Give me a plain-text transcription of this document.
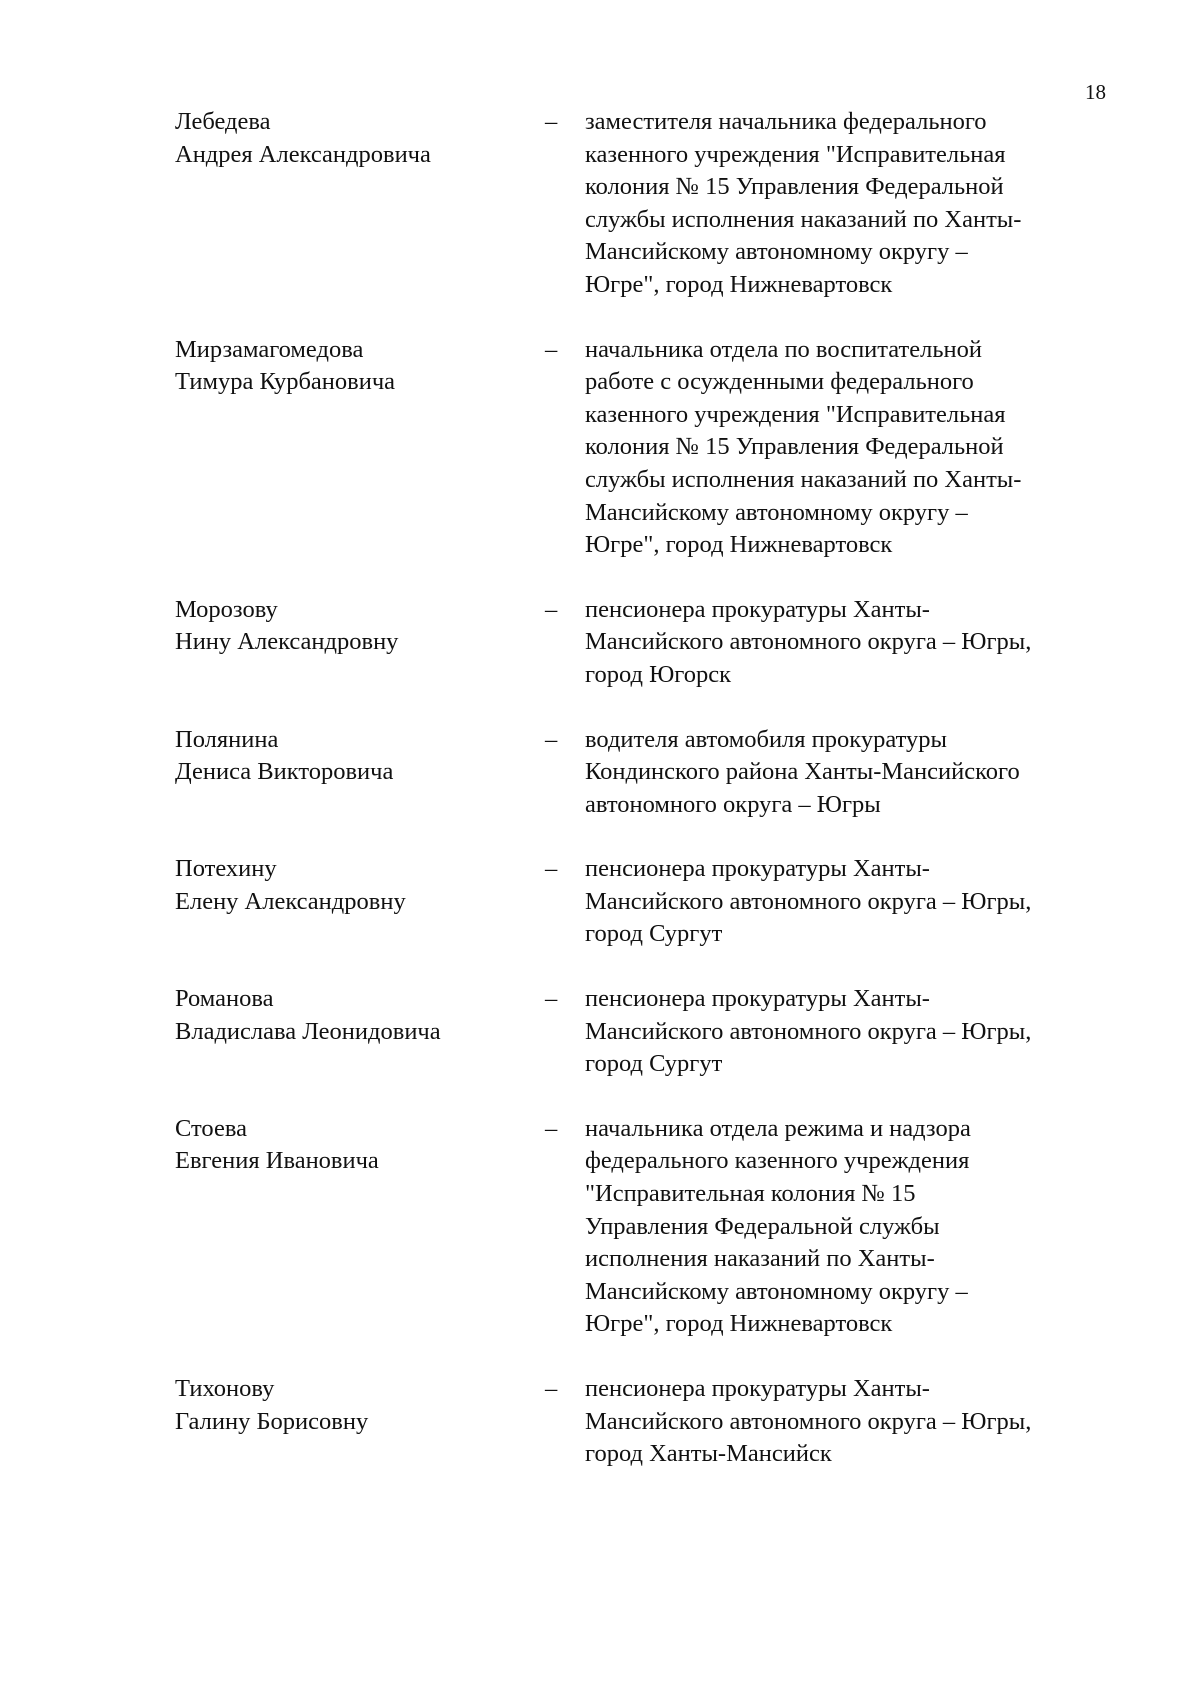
18
Лебедева
Андрея Александровича
– заместителя начальника федерального
казенного учреждения "Исправительная
колония № 15 Управления Федеральной
службы исполнения наказаний по Ханты-
Мансийскому автономному округу –
Югре", город Нижневартовск
Мирзамагомедова
Тимура Курбановича
– начальника отдела по воспитательной
работе с осужденными федерального
казенного учреждения "Исправительная
колония № 15 Управления Федеральной
службы исполнения наказаний по Ханты-
Мансийскому автономному округу –
Югре", город Нижневартовск
Морозову
Нину Александровну
– пенсионера прокуратуры Ханты-
Мансийского автономного округа – Югры,
город Югорск
Полянина
Дениса Викторовича
– водителя автомобиля прокуратуры
Кондинского района Ханты-Мансийского
автономного округа – Югры
Потехину
Елену Александровну
– пенсионера прокуратуры Ханты-
Мансийского автономного округа – Югры,
город Сургут
Романова
Владислава Леонидовича
– пенсионера прокуратуры Ханты-
Мансийского автономного округа – Югры,
город Сургут
Стоева
Евгения Ивановича
– начальника отдела режима и надзора
федерального казенного учреждения
"Исправительная колония № 15
Управления Федеральной службы
исполнения наказаний по Ханты-
Мансийскому автономному округу –
Югре", город Нижневартовск
Тихонову
Галину Борисовну
– пенсионера прокуратуры Ханты-
Мансийского автономного округа – Югры,
город Ханты-Мансийск
